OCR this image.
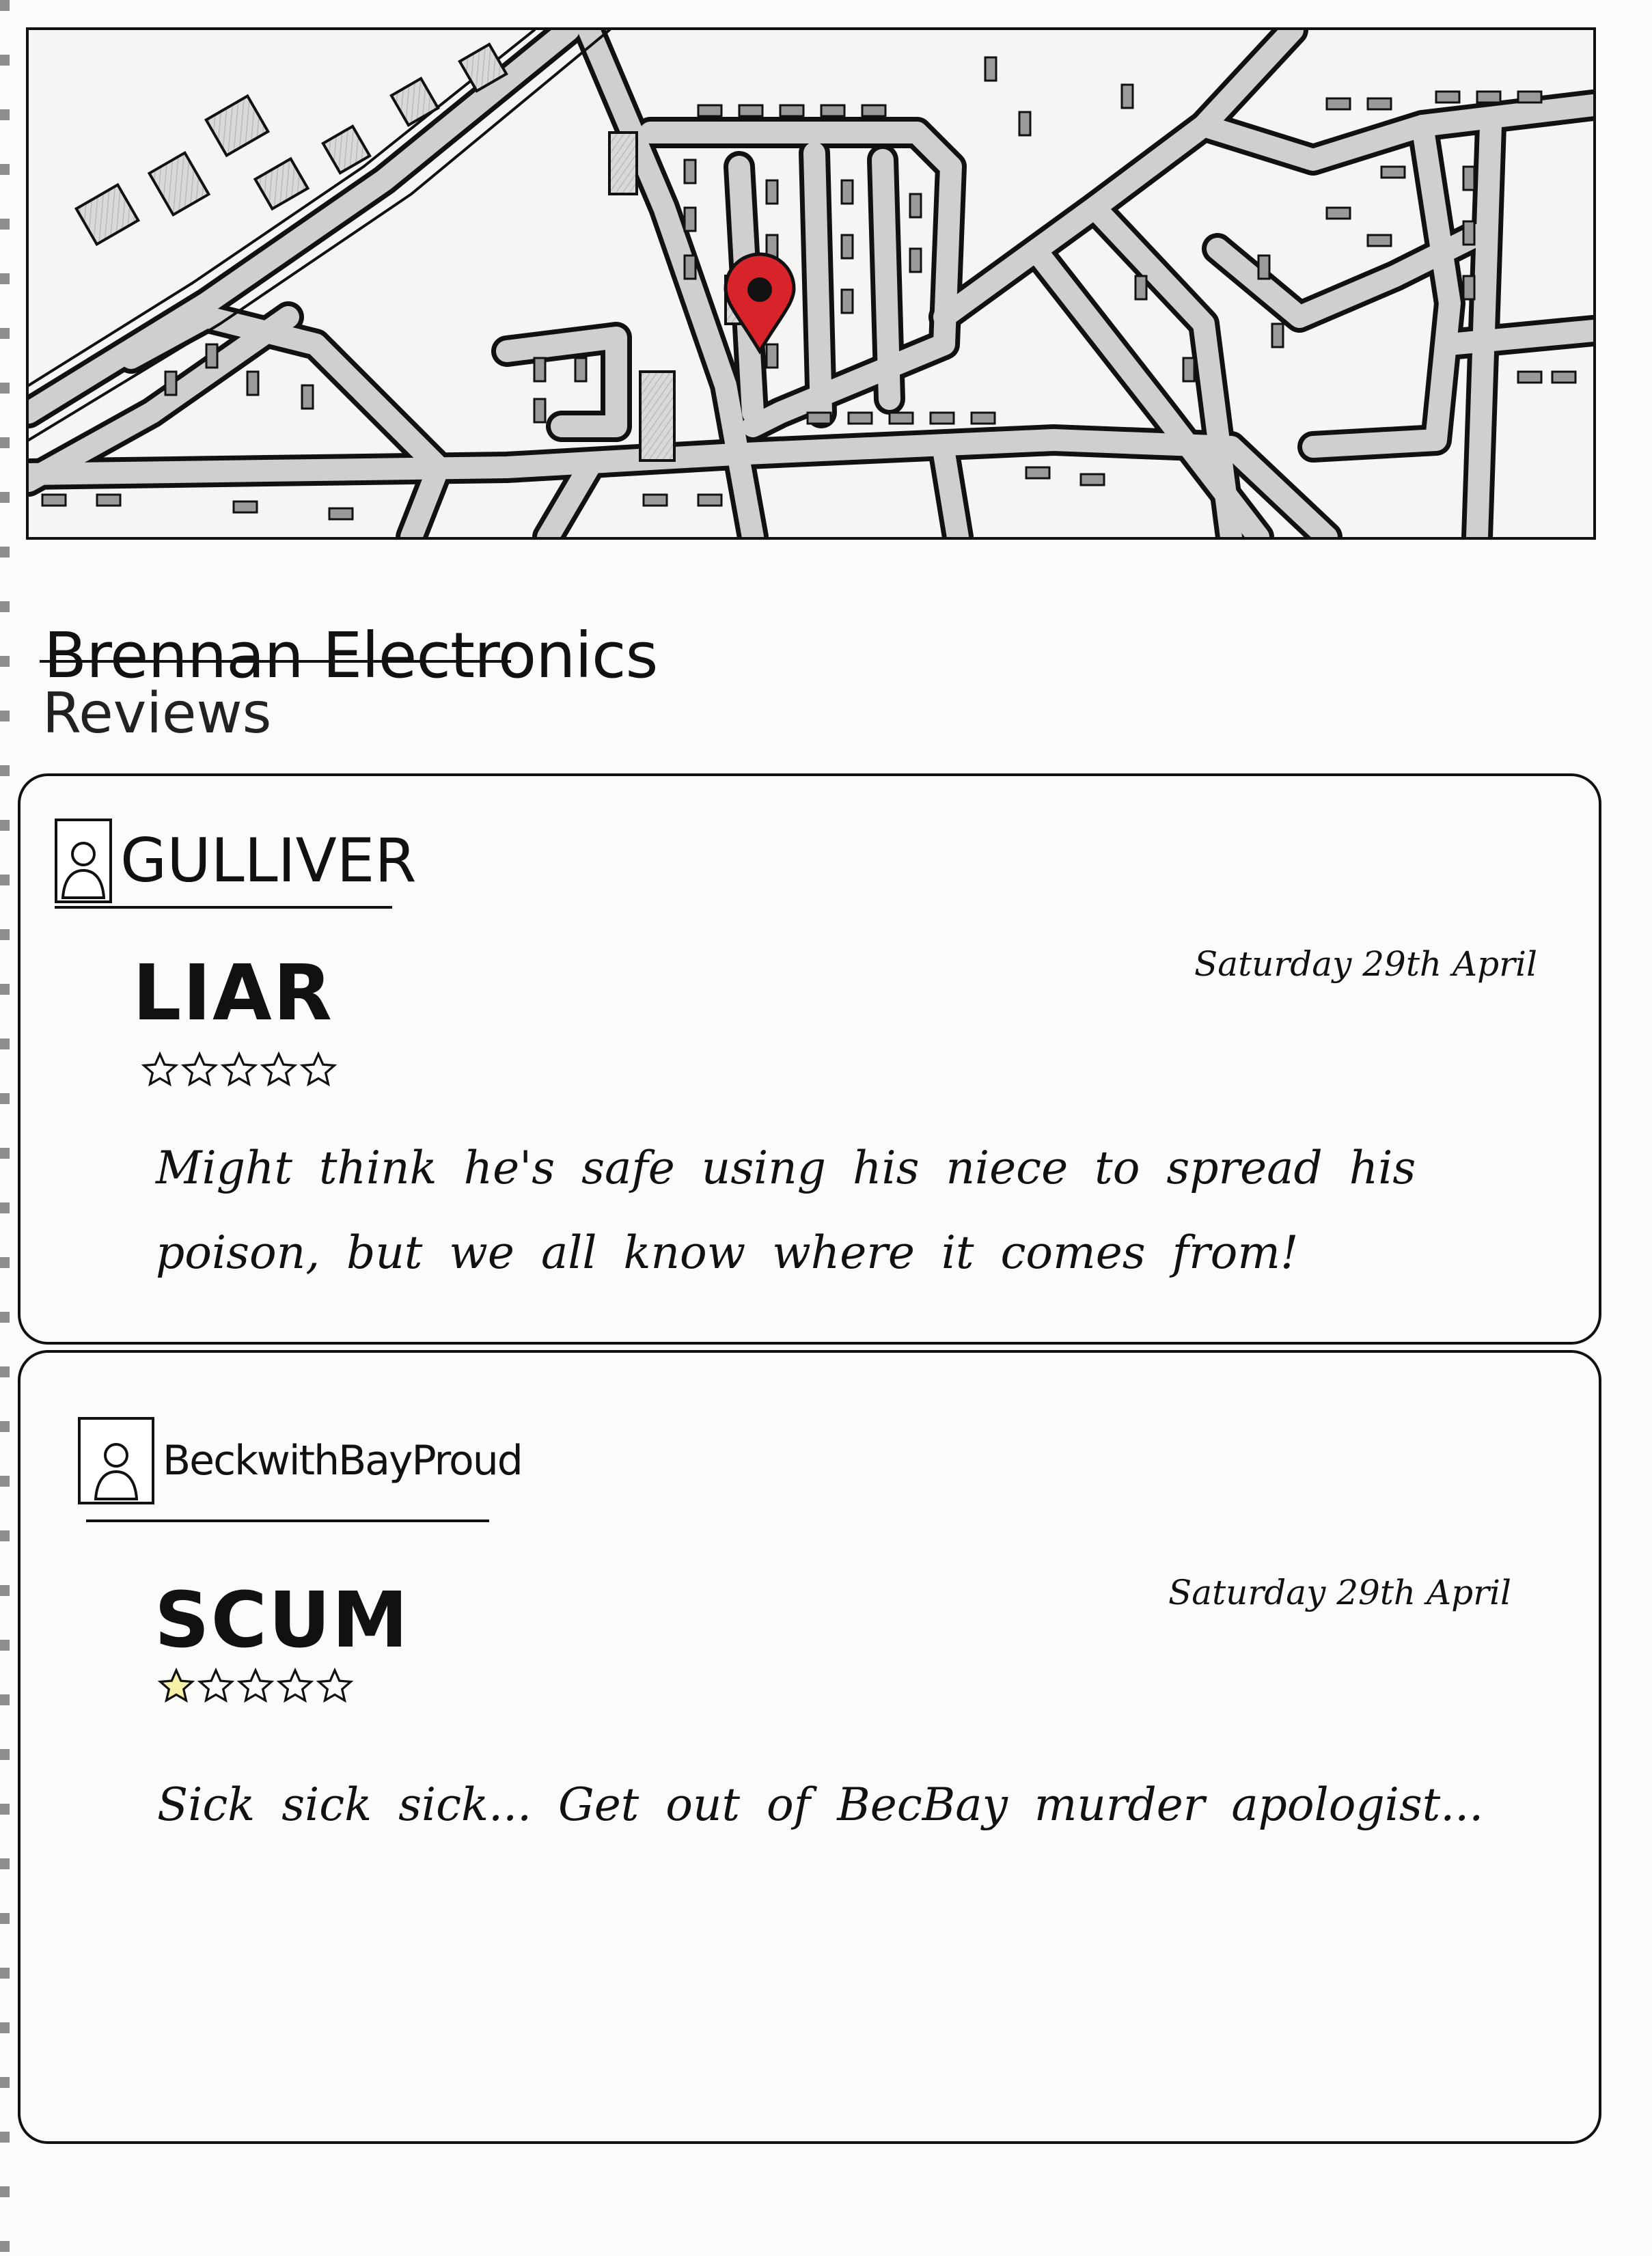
Brennan Electronics
Reviews
GULLIVER
LIAR	Saturday 29th April
Might think he's safe using his niece to spread his poison, but we all know where it comes from!
BeckwithBayProud
SCUM	Saturday 29th April
Sick sick sick... Get out of BecBay murder apologist...
